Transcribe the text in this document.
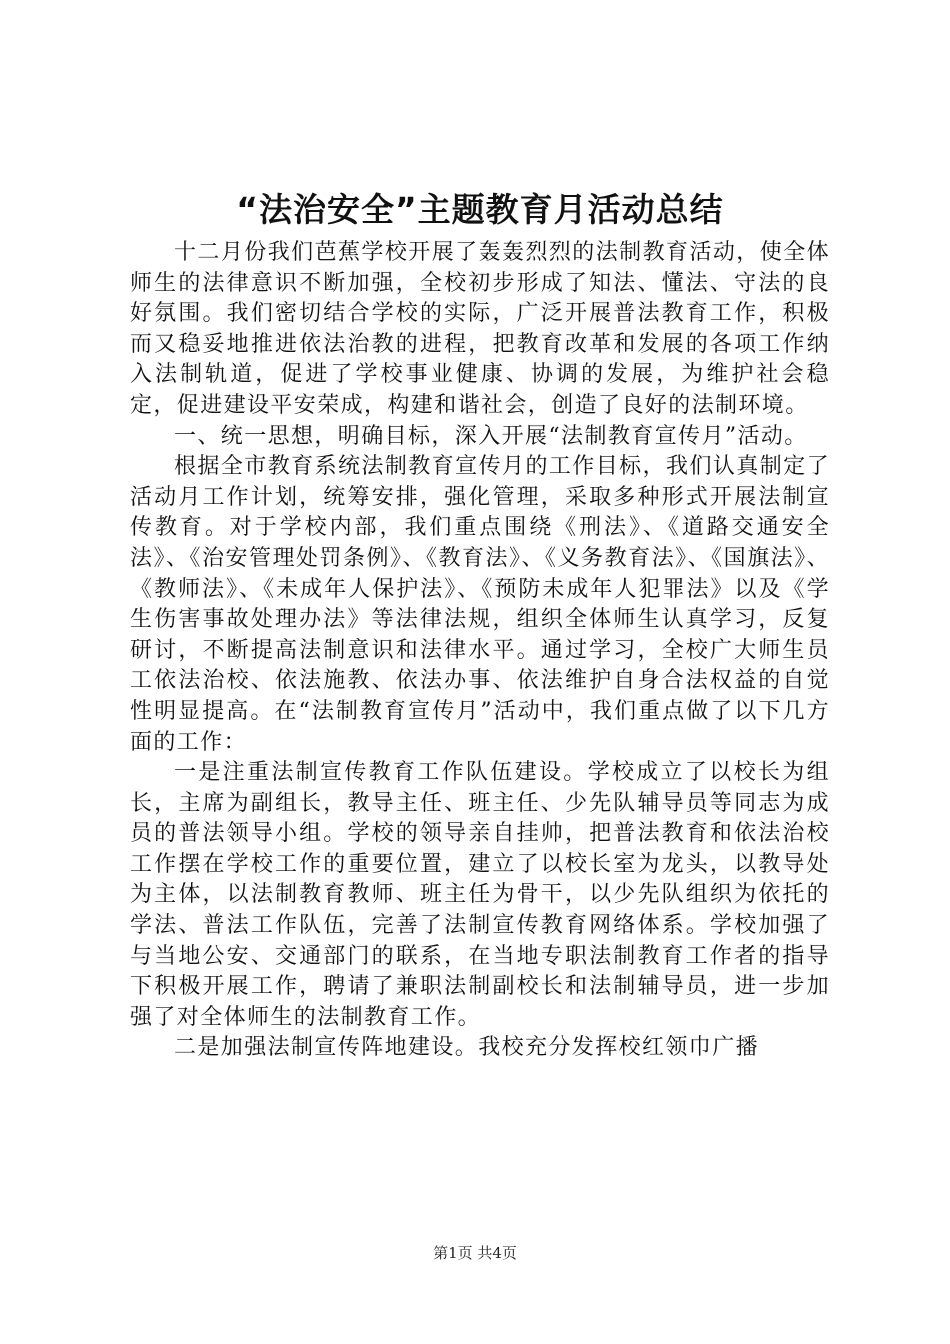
“法治安全”主题教育月活动总结

十二月份我们芭蕉学校开展了轰轰烈烈的法制教育活动，使全体师生的法律意识不断加强，全校初步形成了知法、懂法、守法的良好氛围。我们密切结合学校的实际，广泛开展普法教育工作，积极而又稳妥地推进依法治教的进程，把教育改革和发展的各项工作纳入法制轨道，促进了学校事业健康、协调的发展，为维护社会稳定，促进建设平安荣成，构建和谐社会，创造了良好的法制环境。

一、统一思想，明确目标，深入开展“法制教育宣传月”活动。

根据全市教育系统法制教育宣传月的工作目标，我们认真制定了活动月工作计划，统筹安排，强化管理，采取多种形式开展法制宣传教育。对于学校内部，我们重点围绕《刑法》、《道路交通安全法》、《治安管理处罚条例》、《教育法》、《义务教育法》、《国旗法》、《教师法》、《未成年人保护法》、《预防未成年人犯罪法》以及《学生伤害事故处理办法》等法律法规，组织全体师生认真学习，反复研讨，不断提高法制意识和法律水平。通过学习，全校广大师生员工依法治校、依法施教、依法办事、依法维护自身合法权益的自觉性明显提高。在“法制教育宣传月”活动中，我们重点做了以下几方面的工作：

一是注重法制宣传教育工作队伍建设。学校成立了以校长为组长，主席为副组长，教导主任、班主任、少先队辅导员等同志为成员的普法领导小组。学校的领导亲自挂帅，把普法教育和依法治校工作摆在学校工作的重要位置，建立了以校长室为龙头，以教导处为主体，以法制教育教师、班主任为骨干，以少先队组织为依托的学法、普法工作队伍，完善了法制宣传教育网络体系。学校加强了与当地公安、交通部门的联系，在当地专职法制教育工作者的指导下积极开展工作，聘请了兼职法制副校长和法制辅导员，进一步加强了对全体师生的法制教育工作。

二是加强法制宣传阵地建设。我校充分发挥校红领巾广播

第1页 共4页
